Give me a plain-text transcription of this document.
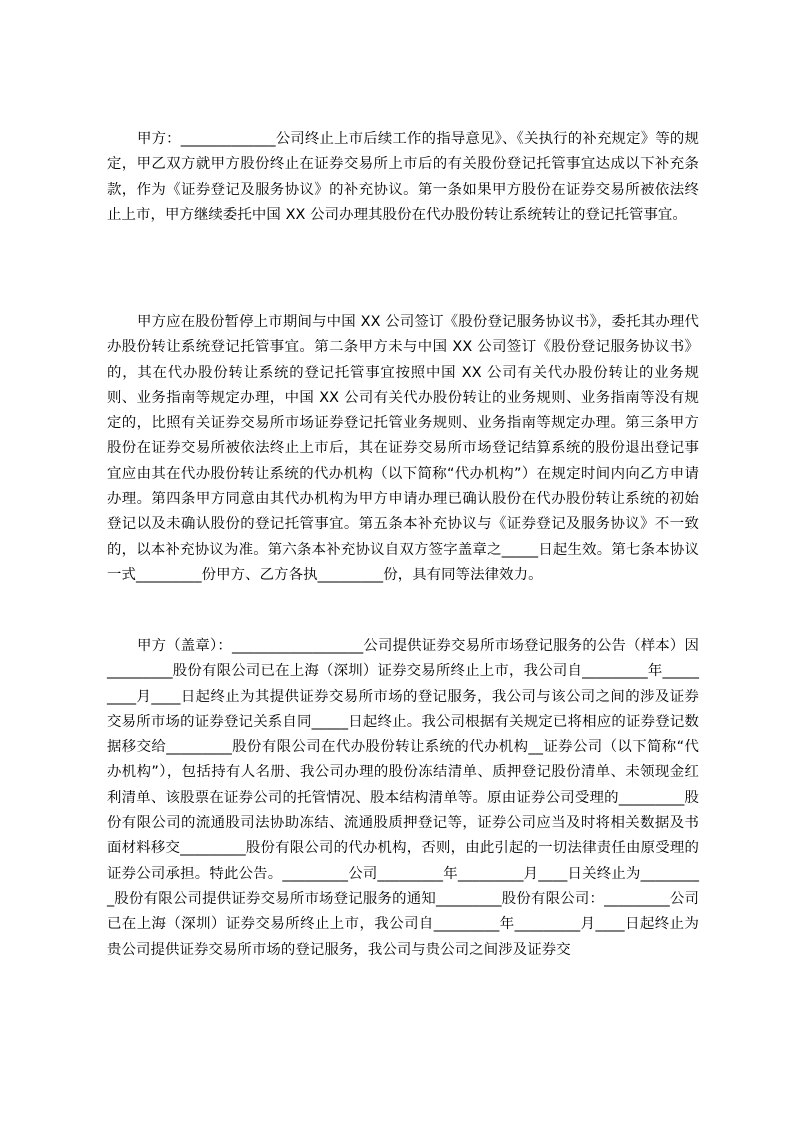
甲方：_____________公司终止上市后续工作的指导意见》、《关执行的补充规定》等的规定，甲乙双方就甲方股份终止在证券交易所上市后的有关股份登记托管事宜达成以下补充条款，作为《证券登记及服务协议》的补充协议。第一条如果甲方股份在证券交易所被依法终止上市，甲方继续委托中国 XX 公司办理其股份在代办股份转让系统转让的登记托管事宜。

甲方应在股份暂停上市期间与中国 XX 公司签订《股份登记服务协议书》，委托其办理代办股份转让系统登记托管事宜。第二条甲方未与中国 XX 公司签订《股份登记服务协议书》的，其在代办股份转让系统的登记托管事宜按照中国 XX 公司有关代办股份转让的业务规则、业务指南等规定办理，中国 XX 公司有关代办股份转让的业务规则、业务指南等没有规定的，比照有关证券交易所市场证券登记托管业务规则、业务指南等规定办理。第三条甲方股份在证券交易所被依法终止上市后，其在证券交易所市场登记结算系统的股份退出登记事宜应由其在代办股份转让系统的代办机构（以下简称“代办机构”）在规定时间内向乙方申请办理。第四条甲方同意由其代办机构为甲方申请办理已确认股份在代办股份转让系统的初始登记以及未确认股份的登记托管事宜。第五条本补充协议与《证券登记及服务协议》不一致的，以本补充协议为准。第六条本补充协议自双方签字盖章之_____日起生效。第七条本协议一式_________份甲方、乙方各执_________份，具有同等法律效力。

甲方（盖章）：__________________公司提供证券交易所市场登记服务的公告（样本）因_________股份有限公司已在上海（深圳）证券交易所终止上市，我公司自_________年_________月____日起终止为其提供证券交易所市场的登记服务，我公司与该公司之间的涉及证券交易所市场的证券登记关系自同_____日起终止。我公司根据有关规定已将相应的证券登记数据移交给_________股份有限公司在代办股份转让系统的代办机构__证券公司（以下简称“代办机构”），包括持有人名册、我公司办理的股份冻结清单、质押登记股份清单、未领现金红利清单、该股票在证券公司的托管情况、股本结构清单等。原由证券公司受理的_________股份有限公司的流通股司法协助冻结、流通股质押登记等，证券公司应当及时将相关数据及书面材料移交_________股份有限公司的代办机构，否则，由此引起的一切法律责任由原受理的证券公司承担。特此公告。_________公司_________年_________月____日关终止为_________股份有限公司提供证券交易所市场登记服务的通知_________股份有限公司：_________公司已在上海（深圳）证券交易所终止上市，我公司自_________年_________月____日起终止为贵公司提供证券交易所市场的登记服务，我公司与贵公司之间涉及证券交
